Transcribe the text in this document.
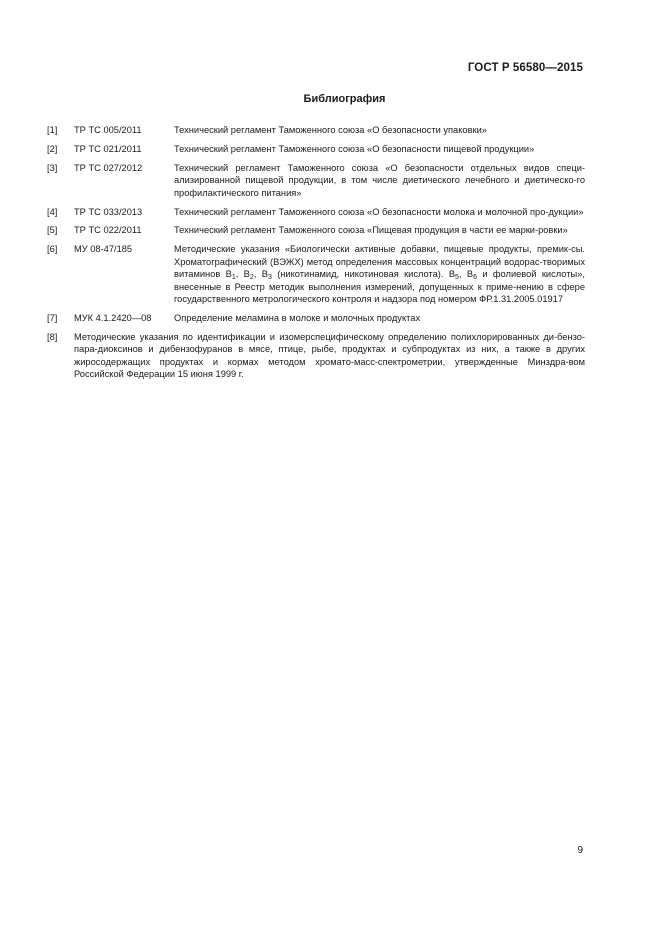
ГОСТ Р 56580—2015
Библиография
[1]	ТР ТС 005/2011	Технический регламент Таможенного союза «О безопасности упаковки»
[2]	ТР ТС 021/2011	Технический регламент Таможенного союза «О безопасности пищевой продукции»
[3]	ТР ТС 027/2012	Технический регламент Таможенного союза «О безопасности отдельных видов специ-ализированной пищевой продукции, в том числе диетического лечебного и диетическо-го профилактического питания»
[4]	ТР ТС 033/2013	Технический регламент Таможенного союза «О безопасности молока и молочной про-дукции»
[5]	ТР ТС 022/2011	Технический регламент Таможенного союза «Пищевая продукция в части ее марки-ровки»
[6]	МУ 08-47/185	Методические указания «Биологически активные добавки, пищевые продукты, премик-сы. Хроматографический (ВЭЖХ) метод определения массовых концентраций водорас-творимых витаминов $В_1$, $В_2$, $В_3$ (никотинамид, никотиновая кислота). $В_5$, $В_6$ и фолиевой кислоты», внесенные в Реестр методик выполнения измерений, допущенных к приме-нению в сфере государственного метрологического контроля и надзора под номером ФР.1.31.2005.01917
[7]	МУК 4.1.2420—08	Определение меламина в молоке и молочных продуктах
[8]	Методические указания по идентификации и изомерспецифическому определению полихлорированных ди-бензо-пара-диоксинов и дибензофуранов в мясе, птице, рыбе, продуктах и субпродуктах из них, а также в других жиросодержащих продуктах и кормах методом хромато-масс-спектрометрии, утвержденные Минздра-вом Российской Федерации 15 июня 1999 г.
9
